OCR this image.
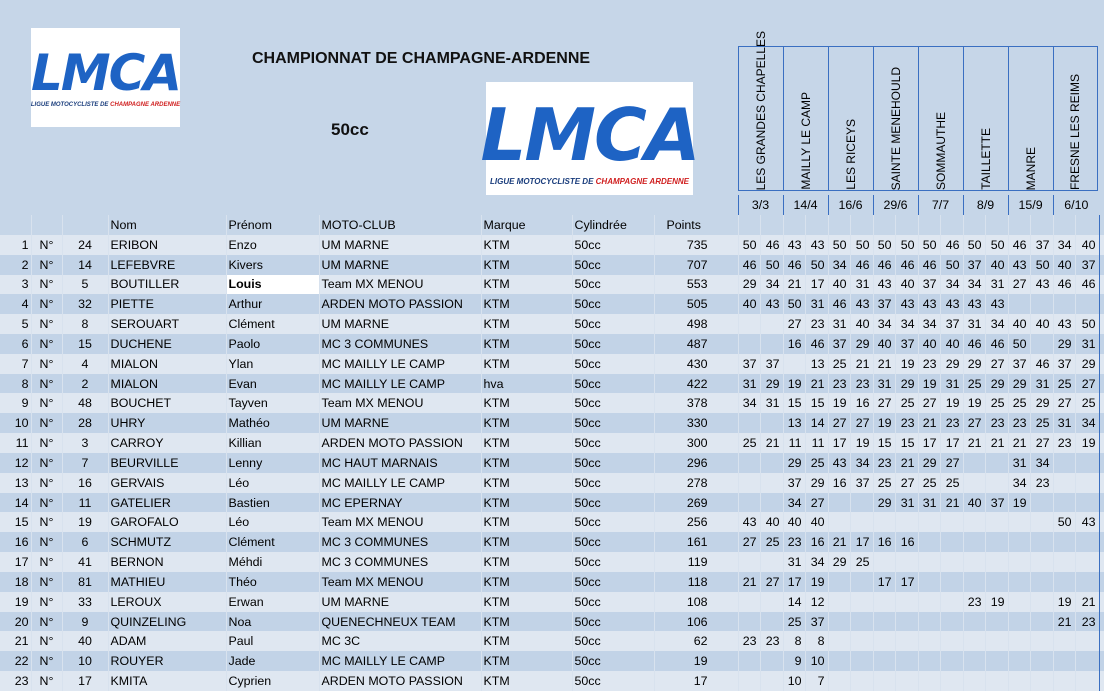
LMCA
LIGUE MOTOCYCLISTE DE CHAMPAGNE ARDENNE
CHAMPIONNAT DE CHAMPAGNE-ARDENNE
50cc LMCA
LIGUE MOTOCYCLISTE DE CHAMPAGNE ARDENNE	LES GRANDES CHAPELLES	MAILLY LE CAMP	LES RICEYS	SAINTE MENEHOULD	SOMMAUTHE	TAILLETTE	MANRE	FRESNE LES REIMS
									3/3		14/4		16/6		29/6		7/7		8/9		15/9		6/10		
			Nom	Prénom	MOTO-CLUB	Marque	Cylindrée	Points																	
1	N°	24	ERIBON	Enzo	UM MARNE	KTM	50cc	735	50	46	43	43	50	50	50	50	50	46	50	50	46	37	34	40	
2	N°	14	LEFEBVRE	Kivers	UM MARNE	KTM	50cc	707	46	50	46	50	34	46	46	46	46	50	37	40	43	50	40	37	
3	N°	5	BOUTILLER	Louis	Team MX MENOU	KTM	50cc	553	29	34	21	17	40	31	43	40	37	34	34	31	27	43	46	46	
4	N°	32	PIETTE	Arthur	ARDEN MOTO PASSION	KTM	50cc	505	40	43	50	31	46	43	37	43	43	43	43	43					
5	N°	8	SEROUART	Clément	UM MARNE	KTM	50cc	498			27	23	31	40	34	34	34	37	31	34	40	40	43	50	
6	N°	15	DUCHENE	Paolo	MC 3 COMMUNES	KTM	50cc	487			16	46	37	29	40	37	40	40	46	46	50		29	31	
7	N°	4	MIALON	Ylan	MC MAILLY LE CAMP	KTM	50cc	430	37	37		13	25	21	21	19	23	29	29	27	37	46	37	29	
8	N°	2	MIALON	Evan	MC MAILLY LE CAMP	hva	50cc	422	31	29	19	21	23	23	31	29	19	31	25	29	29	31	25	27	
9	N°	48	BOUCHET	Tayven	Team MX MENOU	KTM	50cc	378	34	31	15	15	19	16	27	25	27	19	19	25	25	29	27	25	
10	N°	28	UHRY	Mathéo	UM MARNE	KTM	50cc	330			13	14	27	27	19	23	21	23	27	23	23	25	31	34	
11	N°	3	CARROY	Killian	ARDEN MOTO PASSION	KTM	50cc	300	25	21	11	11	17	19	15	15	17	17	21	21	21	27	23	19	
12	N°	7	BEURVILLE	Lenny	MC HAUT MARNAIS	KTM	50cc	296			29	25	43	34	23	21	29	27			31	34			
13	N°	16	GERVAIS	Léo	MC MAILLY LE CAMP	KTM	50cc	278			37	29	16	37	25	27	25	25			34	23			
14	N°	11	GATELIER	Bastien	MC EPERNAY	KTM	50cc	269			34	27			29	31	31	21	40	37	19				
15	N°	19	GAROFALO	Léo	Team MX MENOU	KTM	50cc	256	43	40	40	40											50	43	
16	N°	6	SCHMUTZ	Clément	MC 3 COMMUNES	KTM	50cc	161	27	25	23	16	21	17	16	16									
17	N°	41	BERNON	Méhdi	MC 3 COMMUNES	KTM	50cc	119			31	34	29	25											
18	N°	81	MATHIEU	Théo	Team MX MENOU	KTM	50cc	118	21	27	17	19			17	17									
19	N°	33	LEROUX	Erwan	UM MARNE	KTM	50cc	108			14	12							23	19			19	21	
20	N°	9	QUINZELING	Noa	QUENECHNEUX TEAM	KTM	50cc	106			25	37											21	23	
21	N°	40	ADAM	Paul	MC 3C	KTM	50cc	62	23	23	8	8													
22	N°	10	ROUYER	Jade	MC MAILLY LE CAMP	KTM	50cc	19			9	10													
23	N°	17	KMITA	Cyprien	ARDEN MOTO PASSION	KTM	50cc	17			10	7													
